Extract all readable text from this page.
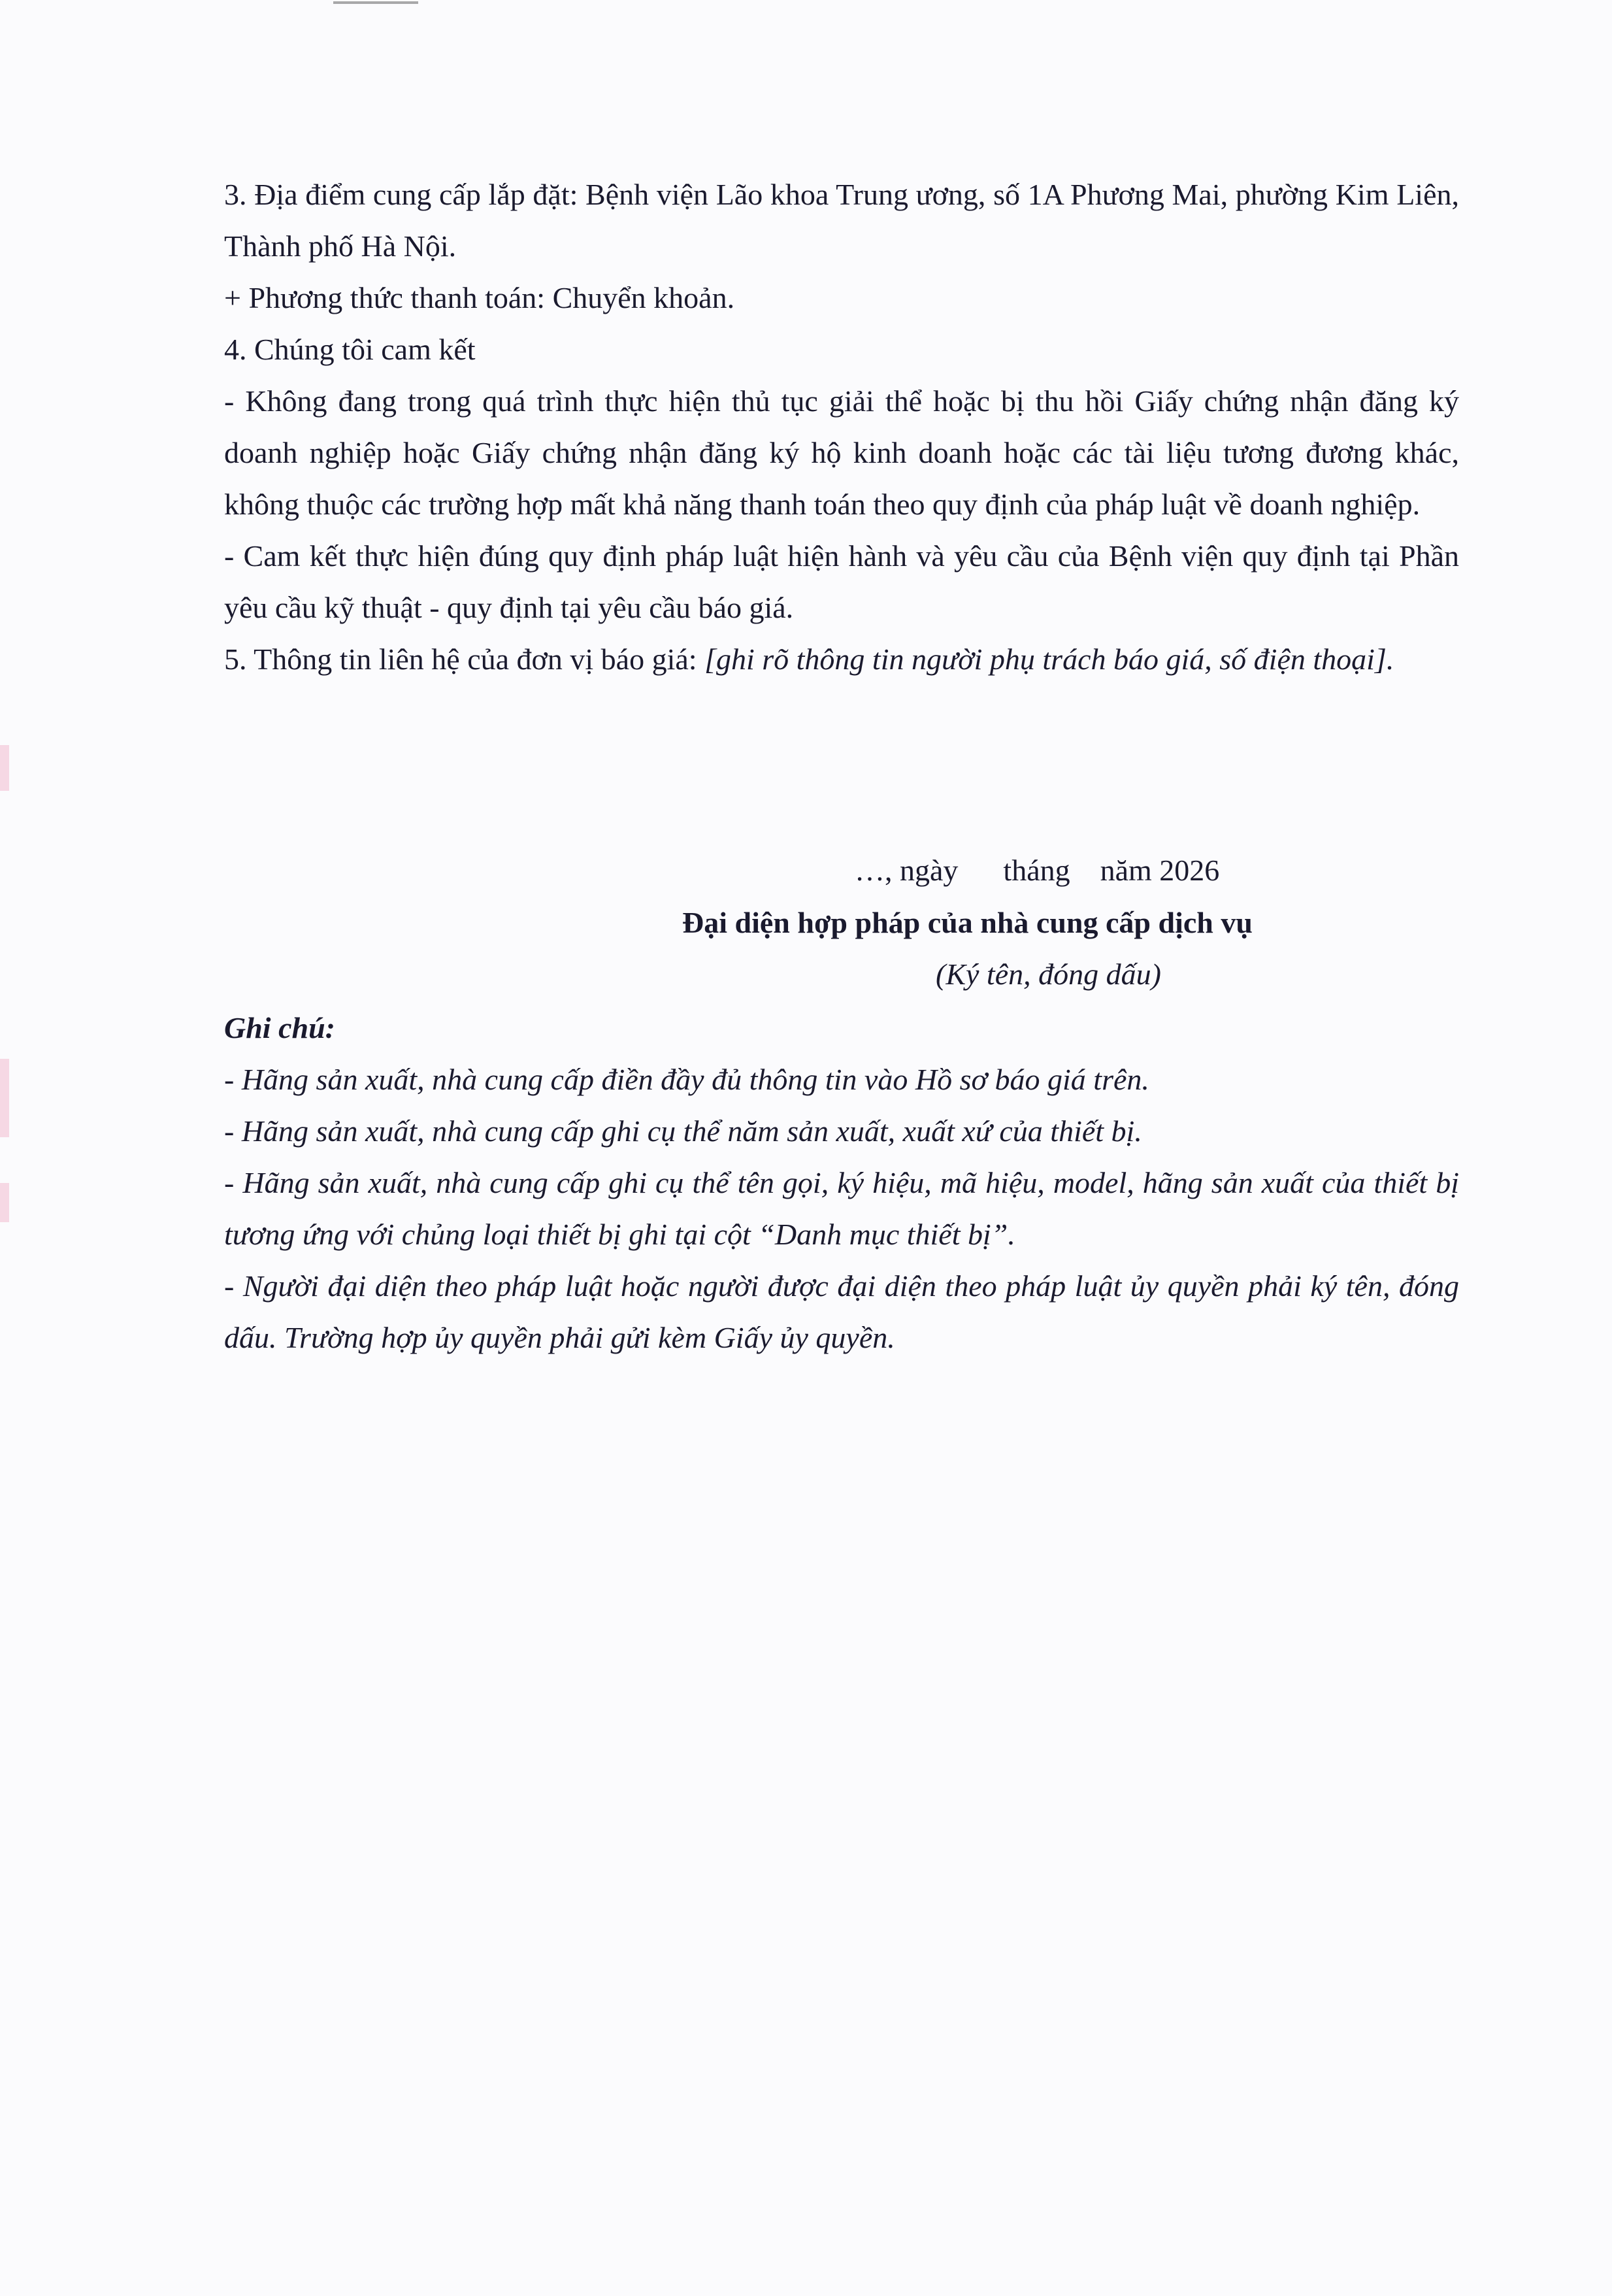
3. Địa điểm cung cấp lắp đặt: Bệnh viện Lão khoa Trung ương, số 1A Phương Mai, phường Kim Liên, Thành phố Hà Nội.

+ Phương thức thanh toán: Chuyển khoản.

4. Chúng tôi cam kết

- Không đang trong quá trình thực hiện thủ tục giải thể hoặc bị thu hồi Giấy chứng nhận đăng ký doanh nghiệp hoặc Giấy chứng nhận đăng ký hộ kinh doanh hoặc các tài liệu tương đương khác, không thuộc các trường hợp mất khả năng thanh toán theo quy định của pháp luật về doanh nghiệp.

- Cam kết thực hiện đúng quy định pháp luật hiện hành và yêu cầu của Bệnh viện quy định tại Phần yêu cầu kỹ thuật - quy định tại yêu cầu báo giá.

5. Thông tin liên hệ của đơn vị báo giá: [ghi rõ thông tin người phụ trách báo giá, số điện thoại].

…, ngày      tháng    năm 2026
Đại diện hợp pháp của nhà cung cấp dịch vụ
(Ký tên, đóng dấu)

Ghi chú:

- Hãng sản xuất, nhà cung cấp điền đầy đủ thông tin vào Hồ sơ báo giá trên.

- Hãng sản xuất, nhà cung cấp ghi cụ thể năm sản xuất, xuất xứ của thiết bị.

- Hãng sản xuất, nhà cung cấp ghi cụ thể tên gọi, ký hiệu, mã hiệu, model, hãng sản xuất của thiết bị tương ứng với chủng loại thiết bị ghi tại cột “Danh mục thiết bị”.

- Người đại diện theo pháp luật hoặc người được đại diện theo pháp luật ủy quyền phải ký tên, đóng dấu. Trường hợp ủy quyền phải gửi kèm Giấy ủy quyền.
